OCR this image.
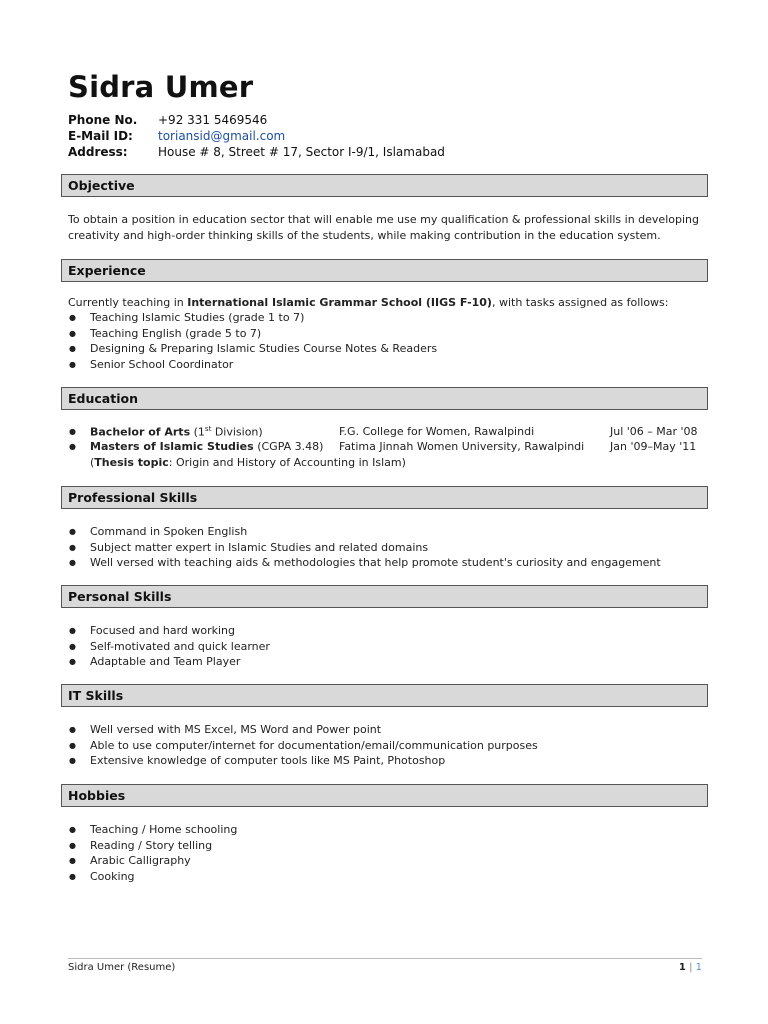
Sidra Umer
Phone No. +92 331 5469546
E-Mail ID: toriansid@gmail.com
Address:	House # 8, Street # 17, Sector I-9/1, Islamabad
Objective
To obtain a position in education sector that will enable me use my qualification & professional skills in developing creativity and high-order thinking skills of the students, while making contribution in the education system.
Experience
Currently teaching in International Islamic Grammar School (IIGS F-10), with tasks assigned as follows:
● Teaching Islamic Studies (grade 1 to 7)
● Teaching English (grade 5 to 7)
● Designing & Preparing Islamic Studies Course Notes & Readers
● Senior School Coordinator
Education
● Bachelor of Arts (1st Division)	F.G. College for Women, Rawalpindi	Jul '06 – Mar '08
● Masters of Islamic Studies (CGPA 3.48) Fatima Jinnah Women University, Rawalpindi Jan '09–May '11
(Thesis topic: Origin and History of Accounting in Islam)
Professional Skills
● Command in Spoken English
● Subject matter expert in Islamic Studies and related domains
● Well versed with teaching aids & methodologies that help promote student's curiosity and engagement
Personal Skills
● Focused and hard working
● Self-motivated and quick learner
● Adaptable and Team Player
IT Skills
● Well versed with MS Excel, MS Word and Power point
● Able to use computer/internet for documentation/email/communication purposes
● Extensive knowledge of computer tools like MS Paint, Photoshop
Hobbies
● Teaching / Home schooling
● Reading / Story telling
● Arabic Calligraphy
● Cooking
Sidra Umer (Resume)	1 | 1
